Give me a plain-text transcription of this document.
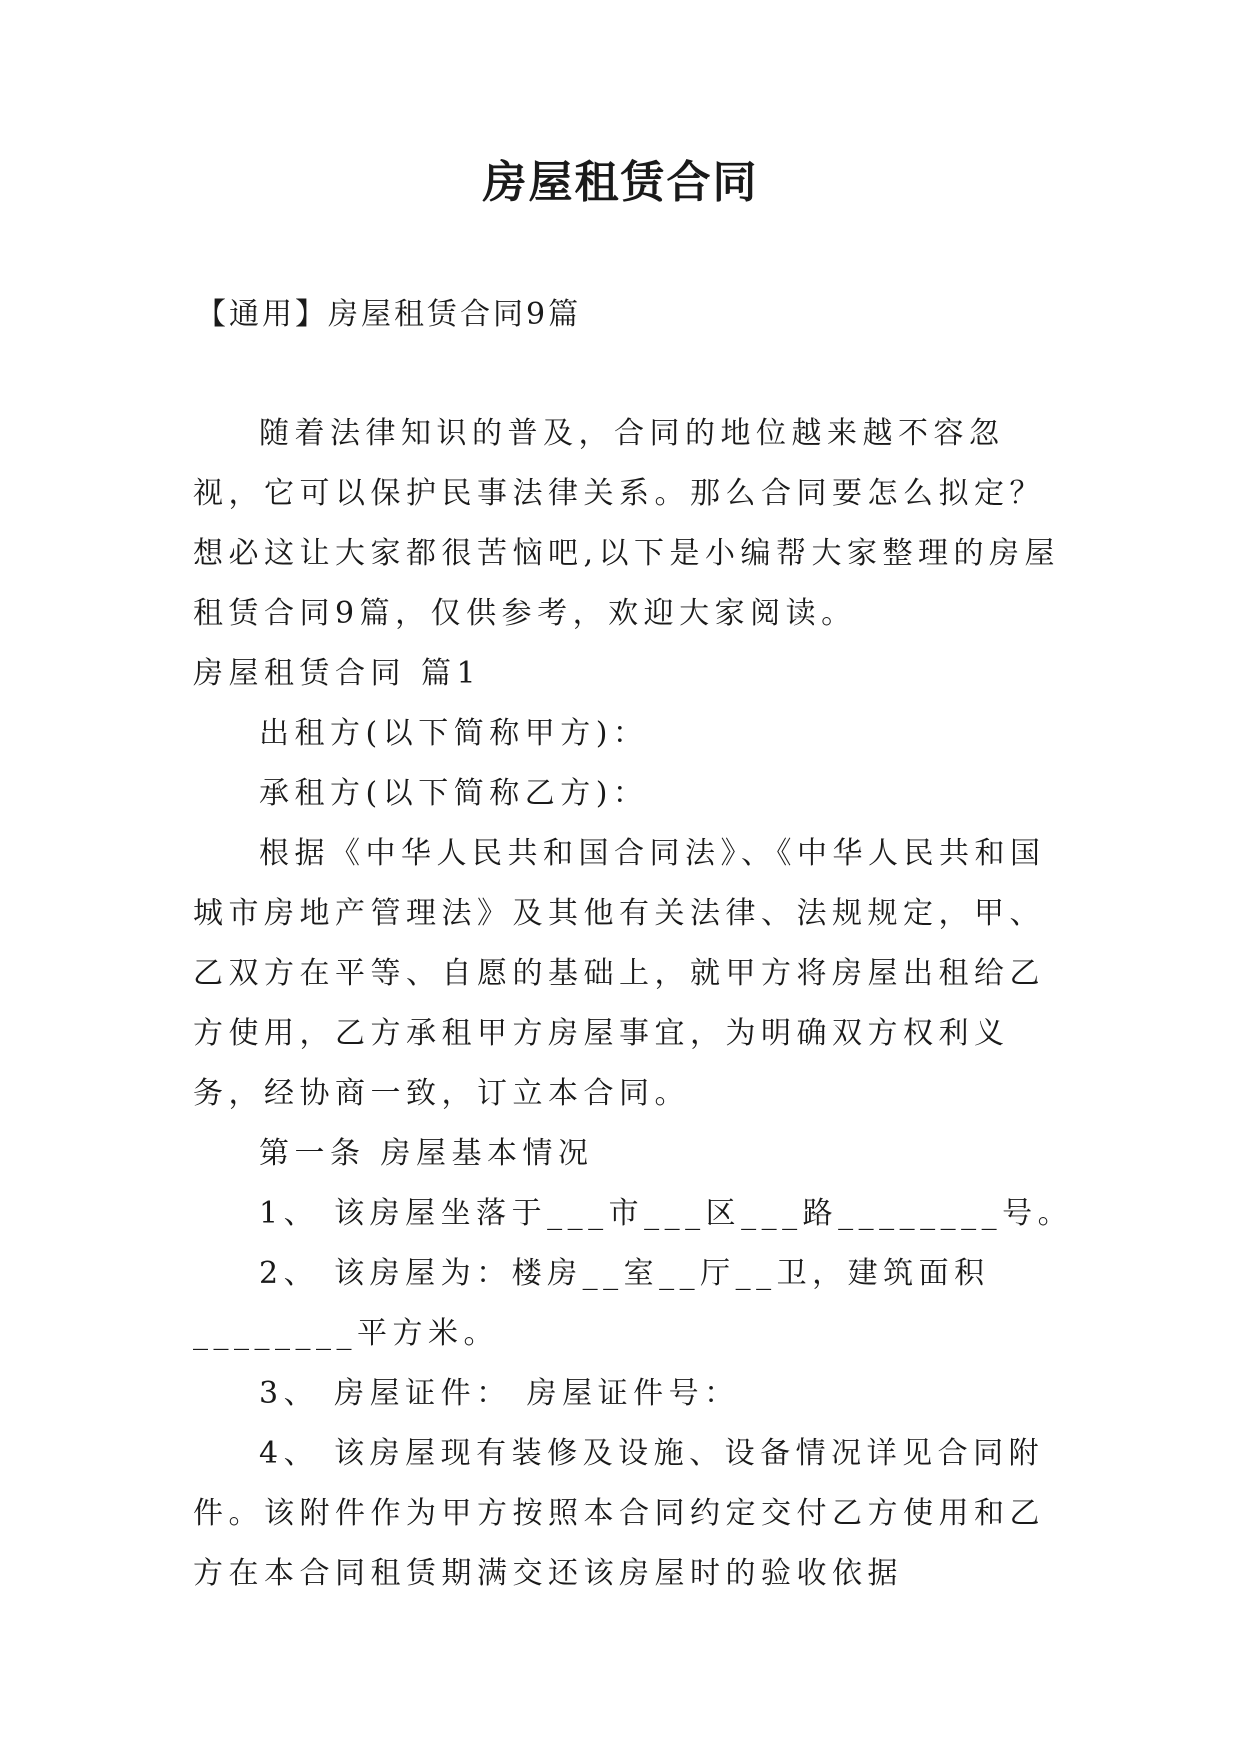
房屋租赁合同
【通用】房屋租赁合同9篇

随着法律知识的普及，合同的地位越来越不容忽视，它可以保护民事法律关系。那么合同要怎么拟定？想必这让大家都很苦恼吧,以下是小编帮大家整理的房屋租赁合同9篇，仅供参考，欢迎大家阅读。

房屋租赁合同 篇1

出租方(以下简称甲方)：

承租方(以下简称乙方)：

根据《中华人民共和国合同法》、《中华人民共和国城市房地产管理法》及其他有关法律、法规规定，甲、乙双方在平等、自愿的基础上，就甲方将房屋出租给乙方使用，乙方承租甲方房屋事宜，为明确双方权利义务，经协商一致，订立本合同。

第一条 房屋基本情况

1、 该房屋坐落于___市___区___路________号。

2、 该房屋为：楼房__室__厅__卫，建筑面积________平方米。

3、 房屋证件： 房屋证件号：

4、 该房屋现有装修及设施、设备情况详见合同附件。该附件作为甲方按照本合同约定交付乙方使用和乙方在本合同租赁期满交还该房屋时的验收依据
